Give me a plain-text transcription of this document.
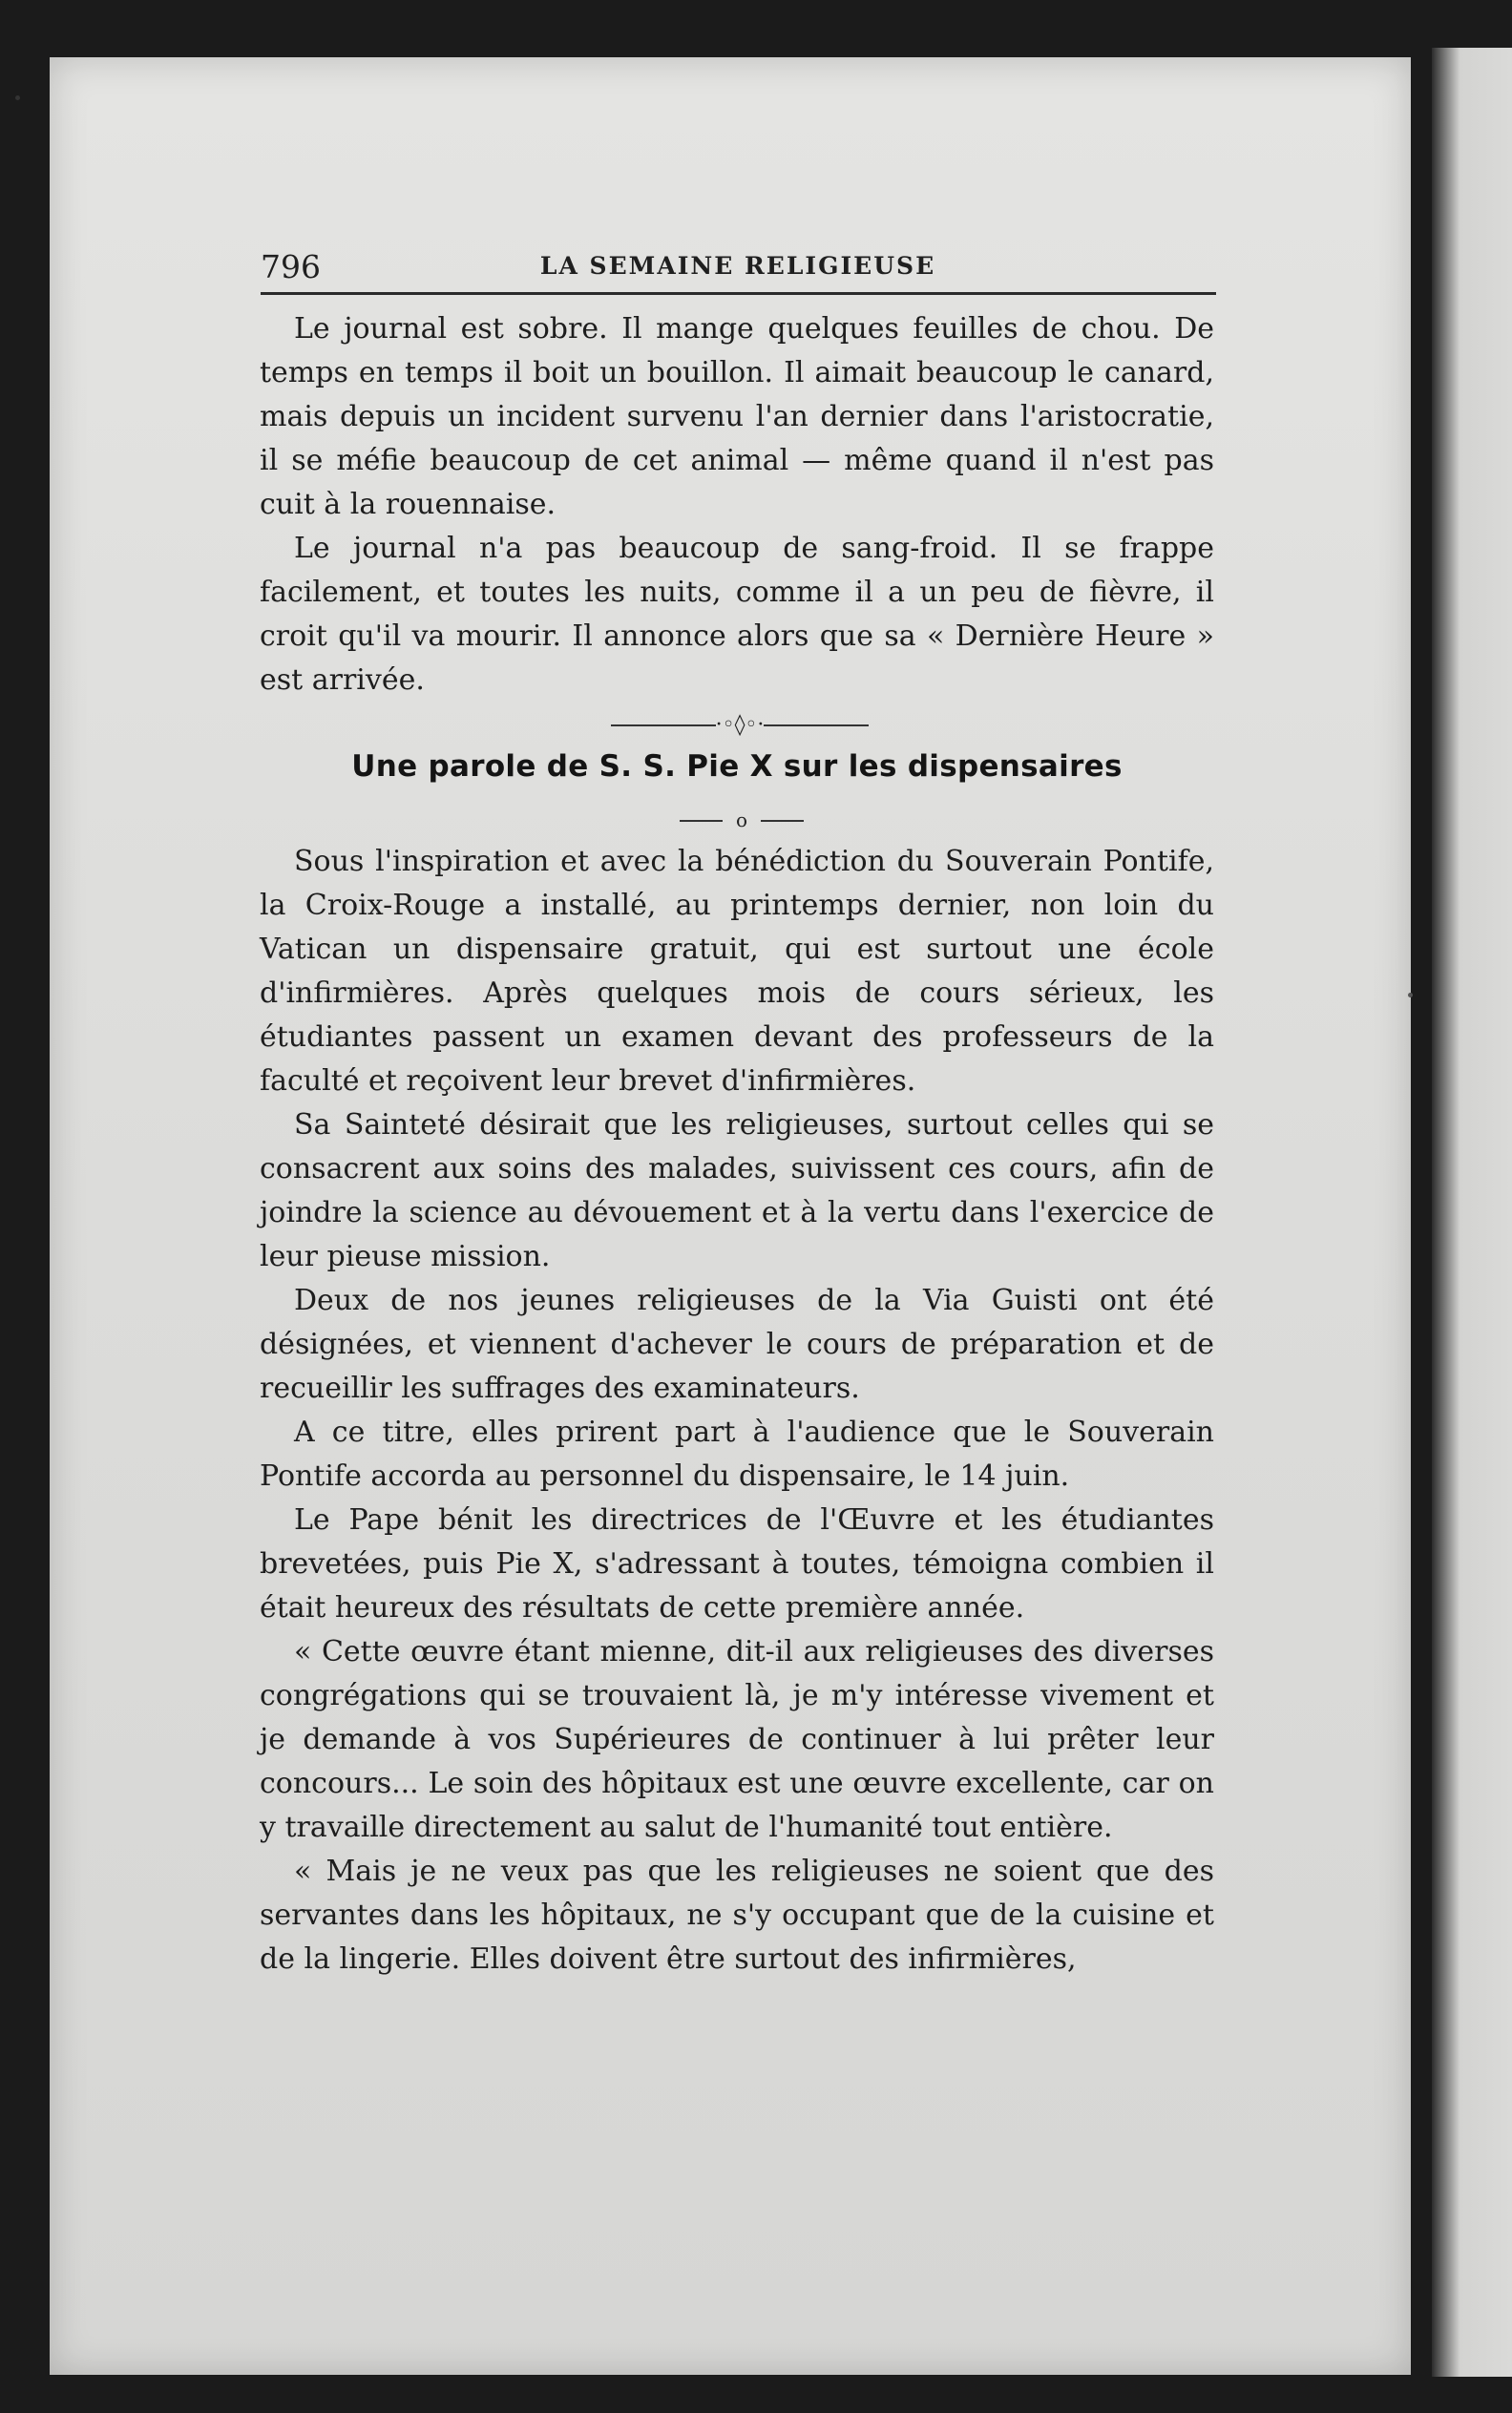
796	LA SEMAINE RELIGIEUSE

Le journal est sobre. Il mange quelques feuilles de chou. De temps en temps il boit un bouillon. Il aimait beaucoup le canard, mais depuis un incident survenu l'an dernier dans l'aristocratie, il se méfie beaucoup de cet animal — même quand il n'est pas cuit à la rouennaise.

Le journal n'a pas beaucoup de sang-froid. Il se frappe facilement, et toutes les nuits, comme il a un peu de fièvre, il croit qu'il va mourir. Il annonce alors que sa « Dernière Heure » est arrivée.

·◦◊◦·
Une parole de S. S. Pie X sur les dispensaires
o

Sous l'inspiration et avec la bénédiction du Souverain Pontife, la Croix-Rouge a installé, au printemps dernier, non loin du Vatican un dispensaire gratuit, qui est surtout une école d'infirmières. Après quelques mois de cours sérieux, les étudiantes passent un examen devant des professeurs de la faculté et reçoivent leur brevet d'infirmières.

Sa Sainteté désirait que les religieuses, surtout celles qui se consacrent aux soins des malades, suivissent ces cours, afin de joindre la science au dévouement et à la vertu dans l'exercice de leur pieuse mission.

Deux de nos jeunes religieuses de la Via Guisti ont été désignées, et viennent d'achever le cours de préparation et de recueillir les suffrages des examinateurs.

A ce titre, elles prirent part à l'audience que le Souverain Pontife accorda au personnel du dispensaire, le 14 juin.

Le Pape bénit les directrices de l'Œuvre et les étudiantes brevetées, puis Pie X, s'adressant à toutes, témoigna combien il était heureux des résultats de cette première année.

« Cette œuvre étant mienne, dit-il aux religieuses des diverses congrégations qui se trouvaient là, je m'y intéresse vivement et je demande à vos Supérieures de continuer à lui prêter leur concours... Le soin des hôpitaux est une œuvre excellente, car on y travaille directement au salut de l'humanité tout entière.

« Mais je ne veux pas que les religieuses ne soient que des servantes dans les hôpitaux, ne s'y occupant que de la cuisine et de la lingerie. Elles doivent être surtout des infirmières,
